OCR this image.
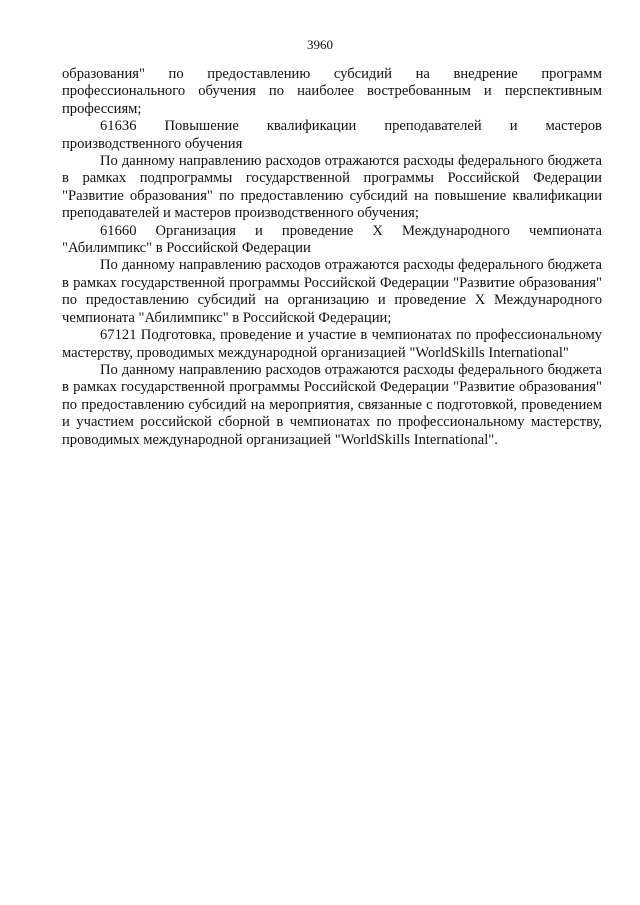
3960

образования" по предоставлению субсидий на внедрение программ профессионального обучения по наиболее востребованным и перспективным профессиям;

61636 Повышение квалификации преподавателей и мастеров

производственного обучения

По данному направлению расходов отражаются расходы федерального бюджета в рамках подпрограммы государственной программы Российской Федерации "Развитие образования" по предоставлению субсидий на повышение квалификации преподавателей и мастеров производственного обучения;

61660 Организация и проведение X Международного чемпионата

"Абилимпикс" в Российской Федерации

По данному направлению расходов отражаются расходы федерального бюджета в рамках государственной программы Российской Федерации "Развитие образования" по предоставлению субсидий на организацию и проведение X Международного чемпионата "Абилимпикс" в Российской Федерации;

67121 Подготовка, проведение и участие в чемпионатах по профессиональному мастерству, проводимых международной организацией "WorldSkills International"

По данному направлению расходов отражаются расходы федерального бюджета в рамках государственной программы Российской Федерации "Развитие образования" по предоставлению субсидий на мероприятия, связанные с подготовкой, проведением и участием российской сборной в чемпионатах по профессиональному мастерству, проводимых международной организацией "WorldSkills International".
